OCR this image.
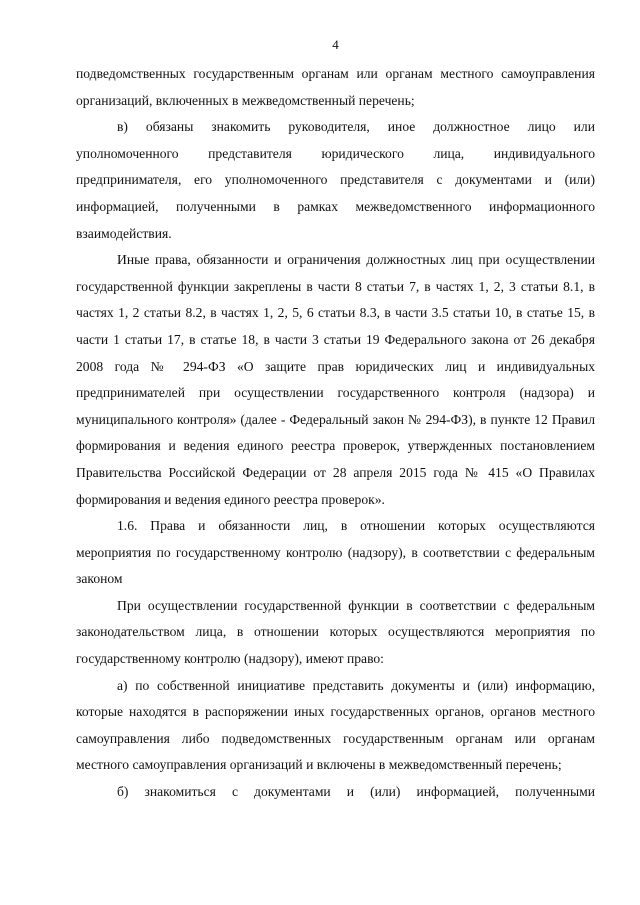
4

подведомственных государственным органам или органам местного самоуправления организаций, включенных в межведомственный перечень;

в) обязаны знакомить руководителя, иное должностное лицо или уполномоченного представителя юридического лица, индивидуального предпринимателя, его уполномоченного представителя с документами и (или) информацией, полученными в рамках межведомственного информационного взаимодействия.

Иные права, обязанности и ограничения должностных лиц при осуществлении государственной функции закреплены в части 8 статьи 7, в частях 1, 2, 3 статьи 8.1, в частях 1, 2 статьи 8.2, в частях 1, 2, 5, 6 статьи 8.3, в части 3.5 статьи 10, в статье 15, в части 1 статьи 17, в статье 18, в части 3 статьи 19 Федерального закона от 26 декабря 2008 года № 294-ФЗ «О защите прав юридических лиц и индивидуальных предпринимателей при осуществлении государственного контроля (надзора) и муниципального контроля» (далее - Федеральный закон № 294-ФЗ), в пункте 12 Правил формирования и ведения единого реестра проверок, утвержденных постановлением Правительства Российской Федерации от 28 апреля 2015 года № 415 «О Правилах формирования и ведения единого реестра проверок».

1.6. Права и обязанности лиц, в отношении которых осуществляются мероприятия по государственному контролю (надзору), в соответствии с федеральным законом

При осуществлении государственной функции в соответствии с федеральным законодательством лица, в отношении которых осуществляются мероприятия по государственному контролю (надзору), имеют право:

а) по собственной инициативе представить документы и (или) информацию, которые находятся в распоряжении иных государственных органов, органов местного самоуправления либо подведомственных государственным органам или органам местного самоуправления организаций и включены в межведомственный перечень;

б) знакомиться с документами и (или) информацией, полученными
